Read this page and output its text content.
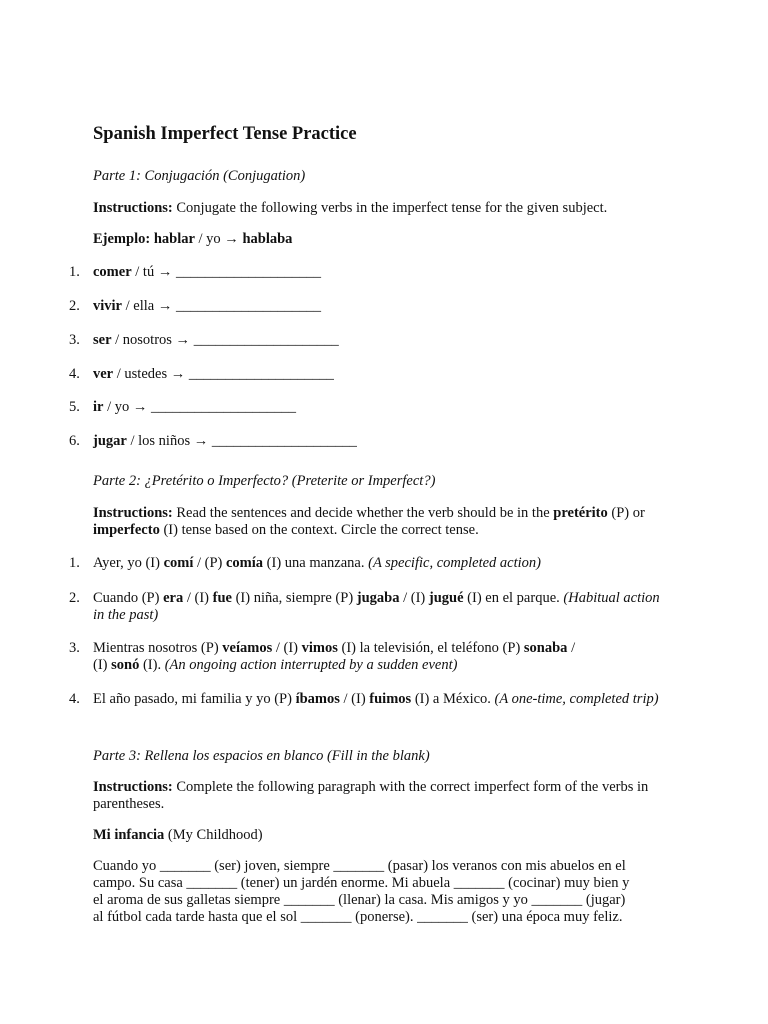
Spanish Imperfect Tense Practice
Parte 1: Conjugación (Conjugation)
Instructions: Conjugate the following verbs in the imperfect tense for the given subject.
Ejemplo: hablar / yo → hablaba
1. comer / tú → ____________________
2. vivir / ella → ____________________
3. ser / nosotros → ____________________
4. ver / ustedes → ____________________
5. ir / yo → ____________________
6. jugar / los niños → ____________________
Parte 2: ¿Pretérito o Imperfecto? (Preterite or Imperfect?)
Instructions: Read the sentences and decide whether the verb should be in the pretérito (P) or imperfecto (I) tense based on the context. Circle the correct tense.
1. Ayer, yo (I) comí / (P) comía (I) una manzana. (A specific, completed action)
2. Cuando (P) era / (I) fue (I) niña, siempre (P) jugaba / (I) jugué (I) en el parque. (Habitual action in the past)
3. Mientras nosotros (P) veíamos / (I) vimos (I) la televisión, el teléfono (P) sonaba /
(I) sonó (I). (An ongoing action interrupted by a sudden event)
4. El año pasado, mi familia y yo (P) íbamos / (I) fuimos (I) a México. (A one-time, completed trip)
Parte 3: Rellena los espacios en blanco (Fill in the blank)
Instructions: Complete the following paragraph with the correct imperfect form of the verbs in parentheses.
Mi infancia (My Childhood)
Cuando yo _______ (ser) joven, siempre _______ (pasar) los veranos con mis abuelos en el
campo. Su casa _______ (tener) un jardén enorme. Mi abuela _______ (cocinar) muy bien y
el aroma de sus galletas siempre _______ (llenar) la casa. Mis amigos y yo _______ (jugar)
al fútbol cada tarde hasta que el sol _______ (ponerse). _______ (ser) una época muy feliz.
